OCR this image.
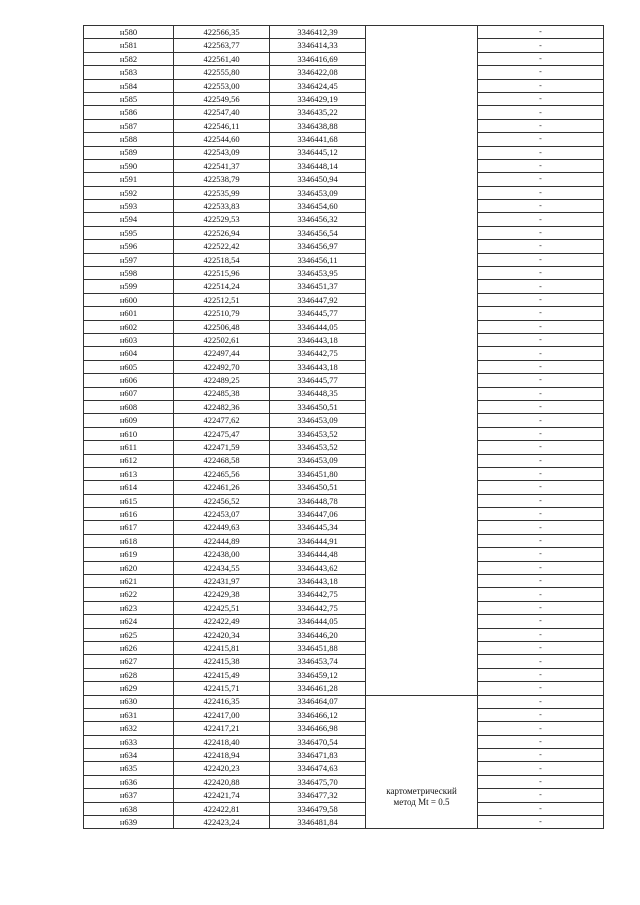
н580	422566,35	3346412,39		-
н581	422563,77	3346414,33		-
н582	422561,40	3346416,69		-
н583	422555,80	3346422,08		-
н584	422553,00	3346424,45		-
н585	422549,56	3346429,19		-
н586	422547,40	3346435,22		-
н587	422546,11	3346438,88		-
н588	422544,60	3346441,68		-
н589	422543,09	3346445,12		-
н590	422541,37	3346448,14		-
н591	422538,79	3346450,94		-
н592	422535,99	3346453,09		-
н593	422533,83	3346454,60		-
н594	422529,53	3346456,32		-
н595	422526,94	3346456,54		-
н596	422522,42	3346456,97		-
н597	422518,54	3346456,11		-
н598	422515,96	3346453,95		-
н599	422514,24	3346451,37		-
н600	422512,51	3346447,92		-
н601	422510,79	3346445,77		-
н602	422506,48	3346444,05		-
н603	422502,61	3346443,18		-
н604	422497,44	3346442,75		-
н605	422492,70	3346443,18		-
н606	422489,25	3346445,77		-
н607	422485,38	3346448,35		-
н608	422482,36	3346450,51		-
н609	422477,62	3346453,09		-
н610	422475,47	3346453,52		-
н611	422471,59	3346453,52		-
н612	422468,58	3346453,09		-
н613	422465,56	3346451,80		-
н614	422461,26	3346450,51		-
н615	422456,52	3346448,78		-
н616	422453,07	3346447,06		-
н617	422449,63	3346445,34		-
н618	422444,89	3346444,91		-
н619	422438,00	3346444,48		-
н620	422434,55	3346443,62		-
н621	422431,97	3346443,18		-
н622	422429,38	3346442,75		-
н623	422425,51	3346442,75		-
н624	422422,49	3346444,05		-
н625	422420,34	3346446,20		-
н626	422415,81	3346451,88		-
н627	422415,38	3346453,74		-
н628	422415,49	3346459,12		-
н629	422415,71	3346461,28		-
н630	422416,35	3346464,07	картометрический
метод Mt = 0.5	-
н631	422417,00	3346466,12		-
н632	422417,21	3346466,98		-
н633	422418,40	3346470,54		-
н634	422418,94	3346471,83		-
н635	422420,23	3346474,63		-
н636	422420,88	3346475,70		-
н637	422421,74	3346477,32		-
н638	422422,81	3346479,58		-
н639	422423,24	3346481,84		-
